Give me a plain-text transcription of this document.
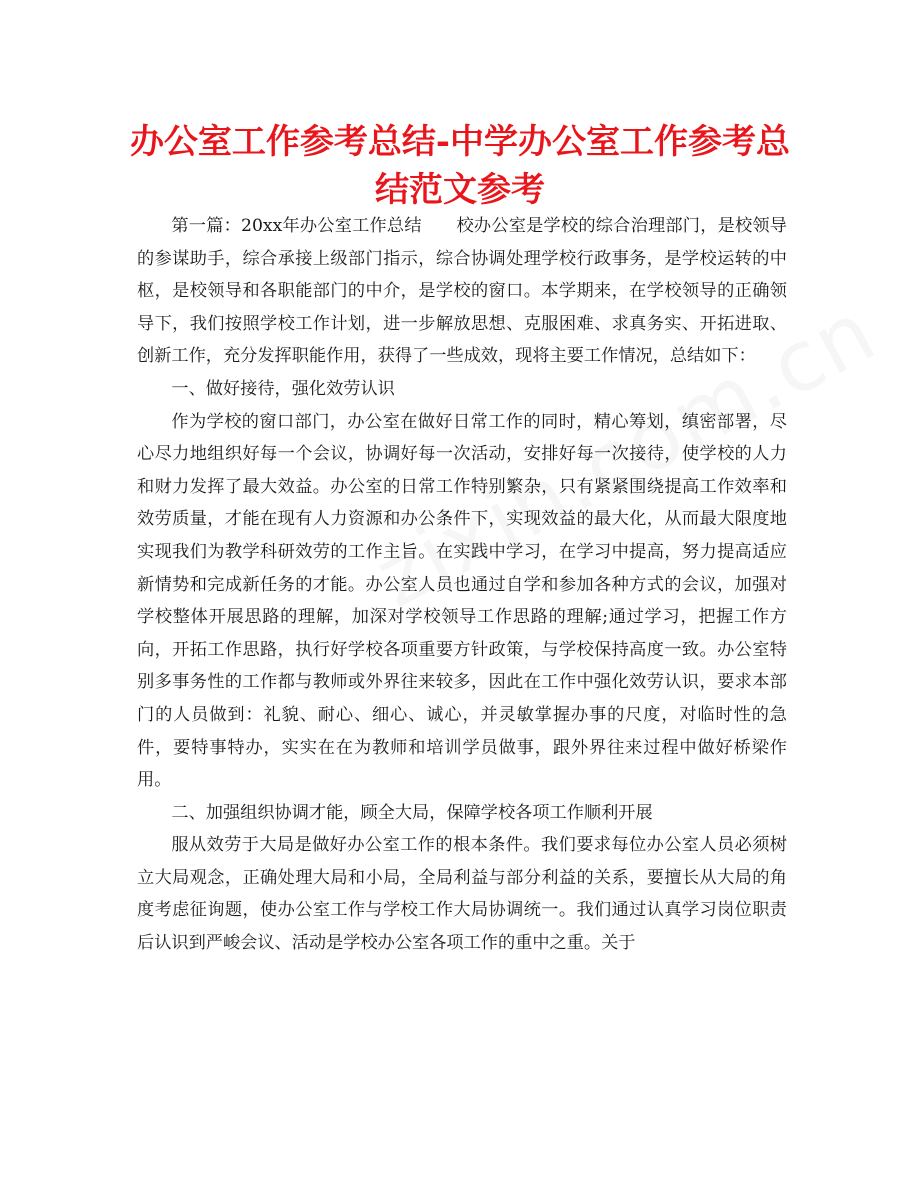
办公室工作参考总结-中学办公室工作参考总结范文参考

第一篇：20xx年办公室工作总结　　校办公室是学校的综合治理部门，是校领导的参谋助手，综合承接上级部门指示，综合协调处理学校行政事务，是学校运转的中枢，是校领导和各职能部门的中介，是学校的窗口。本学期来，在学校领导的正确领导下，我们按照学校工作计划，进一步解放思想、克服困难、求真务实、开拓进取、创新工作，充分发挥职能作用，获得了一些成效，现将主要工作情况，总结如下：

一、做好接待，强化效劳认识

作为学校的窗口部门，办公室在做好日常工作的同时，精心筹划，缜密部署，尽心尽力地组织好每一个会议，协调好每一次活动，安排好每一次接待，使学校的人力和财力发挥了最大效益。办公室的日常工作特别繁杂，只有紧紧围绕提高工作效率和效劳质量，才能在现有人力资源和办公条件下，实现效益的最大化，从而最大限度地实现我们为教学科研效劳的工作主旨。在实践中学习，在学习中提高，努力提高适应新情势和完成新任务的才能。办公室人员也通过自学和参加各种方式的会议，加强对学校整体开展思路的理解，加深对学校领导工作思路的理解;通过学习，把握工作方向，开拓工作思路，执行好学校各项重要方针政策，与学校保持高度一致。办公室特别多事务性的工作都与教师或外界往来较多，因此在工作中强化效劳认识，要求本部门的人员做到：礼貌、耐心、细心、诚心，并灵敏掌握办事的尺度，对临时性的急件，要特事特办，实实在在为教师和培训学员做事，跟外界往来过程中做好桥梁作用。

二、加强组织协调才能，顾全大局，保障学校各项工作顺利开展

服从效劳于大局是做好办公室工作的根本条件。我们要求每位办公室人员必须树立大局观念，正确处理大局和小局，全局利益与部分利益的关系，要擅长从大局的角度考虑征询题，使办公室工作与学校工作大局协调统一。我们通过认真学习岗位职责后认识到严峻会议、活动是学校办公室各项工作的重中之重。关于
